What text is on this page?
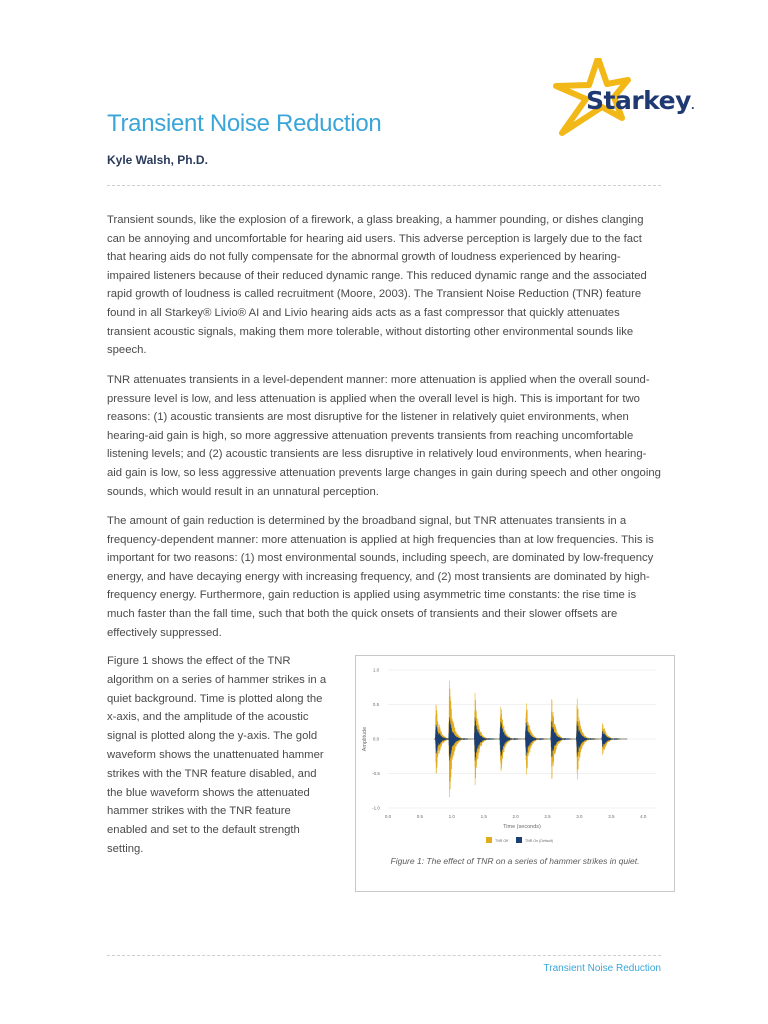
Starkey.
Transient Noise Reduction
Kyle Walsh, Ph.D.

Transient sounds, like the explosion of a firework, a glass breaking, a hammer pounding, or dishes clanging can be annoying and uncomfortable for hearing aid users. This adverse perception is largely due to the fact that hearing aids do not fully compensate for the abnormal growth of loudness experienced by hearing-impaired listeners because of their reduced dynamic range. This reduced dynamic range and the associated rapid growth of loudness is called recruitment (Moore, 2003). The Transient Noise Reduction (TNR) feature found in all Starkey® Livio® AI and Livio hearing aids acts as a fast compressor that quickly attenuates transient acoustic signals, making them more tolerable, without distorting other environmental sounds like speech.

TNR attenuates transients in a level-dependent manner: more attenuation is applied when the overall sound-pressure level is low, and less attenuation is applied when the overall level is high. This is important for two reasons: (1) acoustic transients are most disruptive for the listener in relatively quiet environments, when hearing-aid gain is high, so more aggressive attenuation prevents transients from reaching uncomfortable listening levels; and (2) acoustic transients are less disruptive in relatively loud environments, when hearing-aid gain is low, so less aggressive attenuation prevents large changes in gain during speech and other ongoing sounds, which would result in an unnatural perception.

The amount of gain reduction is determined by the broadband signal, but TNR attenuates transients in a frequency-dependent manner: more attenuation is applied at high frequencies than at low frequencies. This is important for two reasons: (1) most environmental sounds, including speech, are dominated by low-frequency energy, and have decaying energy with increasing frequency, and (2) most transients are dominated by high-frequency energy. Furthermore, gain reduction is applied using asymmetric time constants: the rise time is much faster than the fall time, such that both the quick onsets of transients and their slower offsets are effectively suppressed.

Figure 1 shows the effect of the TNR algorithm on a series of hammer strikes in a quiet background. Time is plotted along the x-axis, and the amplitude of the acoustic signal is plotted along the y-axis. The gold waveform shows the unattenuated hammer strikes with the TNR feature disabled, and the blue waveform shows the attenuated hammer strikes with the TNR feature enabled and set to the default strength setting.
1.0
0.5
0.0
-0.5
-1.0
0.0	0.5	1.0	1.5	2.0	2.5	3.0	3.5	4.0
Amplitude
Time (seconds)
TNR Off	TNR On (Default)
Figure 1: The effect of TNR on a series of hammer strikes in quiet.
Transient Noise Reduction
